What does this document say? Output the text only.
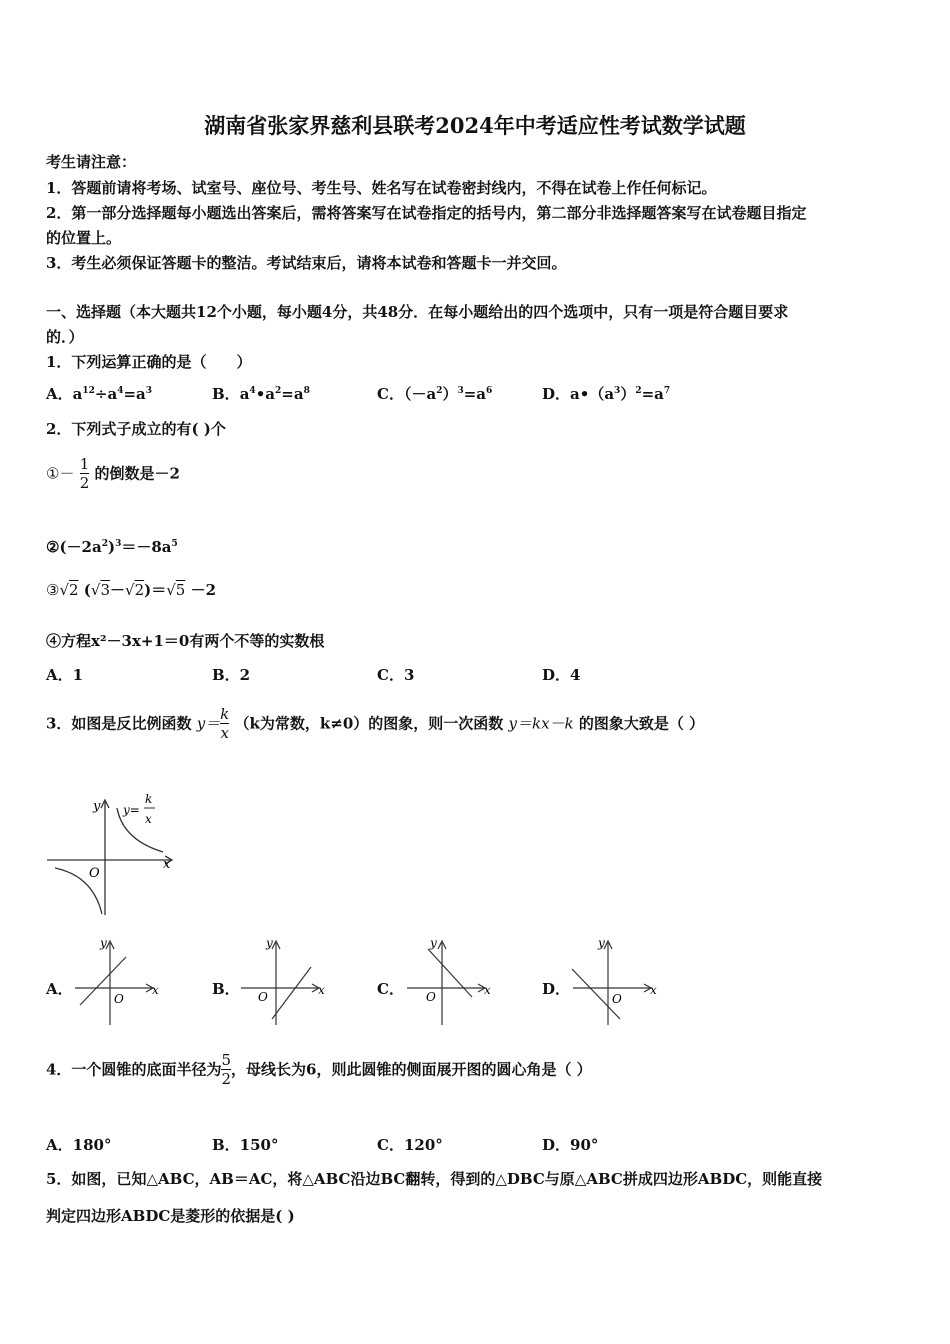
湖南省张家界慈利县联考2024年中考适应性考试数学试题
考生请注意：
1．答题前请将考场、试室号、座位号、考生号、姓名写在试卷密封线内，不得在试卷上作任何标记。
2．第一部分选择题每小题选出答案后，需将答案写在试卷指定的括号内，第二部分非选择题答案写在试卷题目指定
的位置上。
3．考生必须保证答题卡的整洁。考试结束后，请将本试卷和答题卡一并交回。
一、选择题（本大题共12个小题，每小题4分，共48分．在每小题给出的四个选项中，只有一项是符合题目要求
的．）
1．下列运算正确的是（　　）
A．$a^{12}\div a^4=a^3$	B．$a^4•a^2=a^8$	C．$(-a^2)^3=a^6$	D．$a•(a^3)^2=a^7$
2．下列式子成立的有( )个
①－ $\frac{1}{2}$ 的倒数是－2
$②(-2a^2)^3=-8a^5$
③√2 (√3－√2)＝√5 －2
④方程x²－3x+1＝0有两个不等的实数根
A．1	B．2	C．3	D．4
3．如图是反比例函数 $y= \frac{k}{x} (k$为常数，k≠0）的图象，则一次函数 y＝kx－k 的图象大致是（ ）
x
y
O
y=
k
x
A．	B．	C．	D．
x
y
O
x
y
O	x
y
O	x
y
O
4．一个圆锥的底面半径为 $\frac{5}{2}$ ，母线长为6，则此圆锥的侧面展开图的圆心角是（ ）
A．180°	B．150°	C．120°	D．90°
5．如图，已知△ABC，AB＝AC，将△ABC沿边BC翻转，得到的△DBC与原△ABC拼成四边形ABDC，则能直接
判定四边形ABDC是菱形的依据是( )
